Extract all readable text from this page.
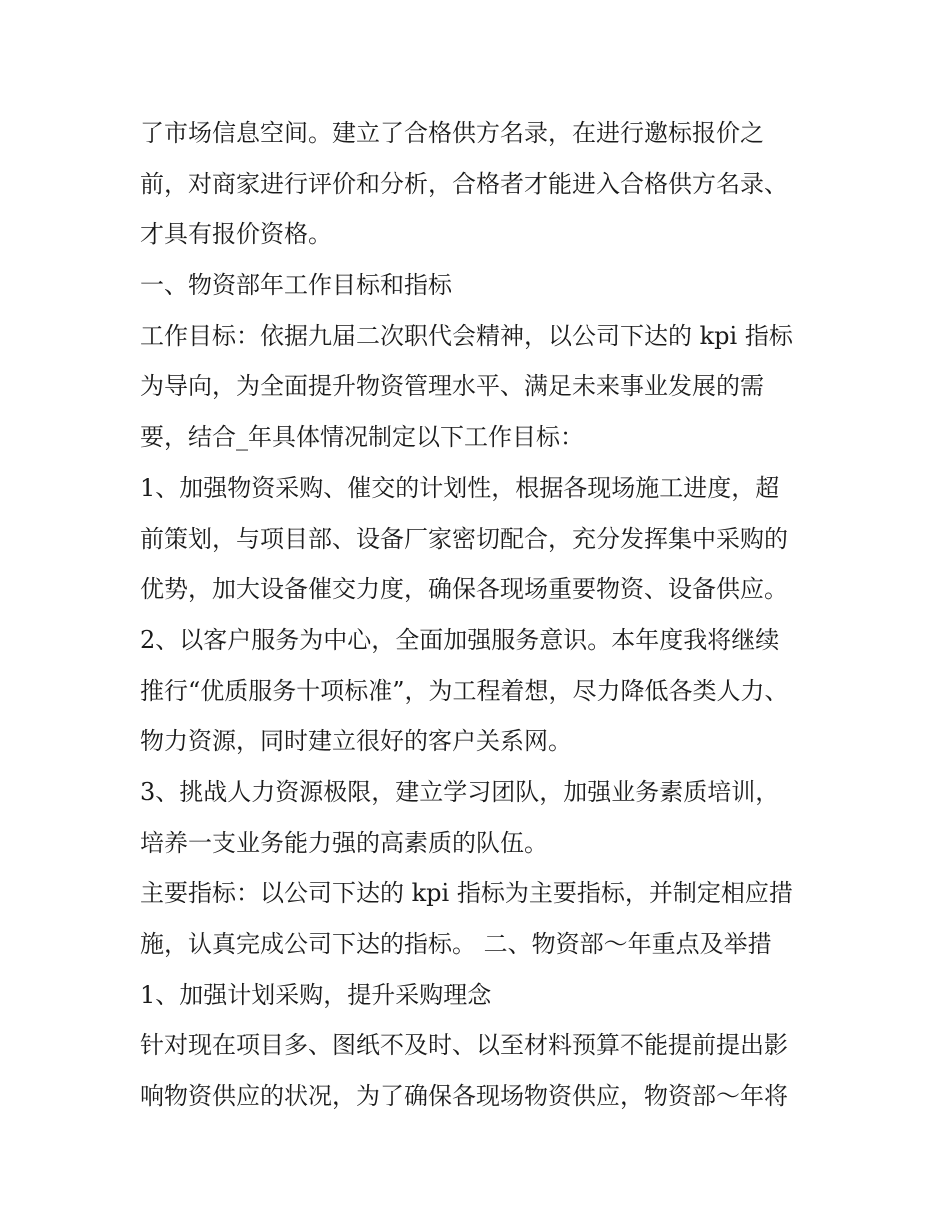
了市场信息空间。建立了合格供方名录，在进行邀标报价之
前，对商家进行评价和分析，合格者才能进入合格供方名录、
才具有报价资格。
一、物资部年工作目标和指标
工作目标：依据九届二次职代会精神，以公司下达的 kpi 指标
为导向，为全面提升物资管理水平、满足未来事业发展的需
要，结合_年具体情况制定以下工作目标：
1、加强物资采购、催交的计划性，根据各现场施工进度，超
前策划，与项目部、设备厂家密切配合，充分发挥集中采购的
优势，加大设备催交力度，确保各现场重要物资、设备供应。
2、以客户服务为中心，全面加强服务意识。本年度我将继续
推行“优质服务十项标准”，为工程着想，尽力降低各类人力、
物力资源，同时建立很好的客户关系网。
3、挑战人力资源极限，建立学习团队，加强业务素质培训，
培养一支业务能力强的高素质的队伍。
主要指标：以公司下达的 kpi 指标为主要指标，并制定相应措
施，认真完成公司下达的指标。 二、物资部～年重点及举措
1、加强计划采购，提升采购理念
针对现在项目多、图纸不及时、以至材料预算不能提前提出影
响物资供应的状况，为了确保各现场物资供应，物资部～年将
